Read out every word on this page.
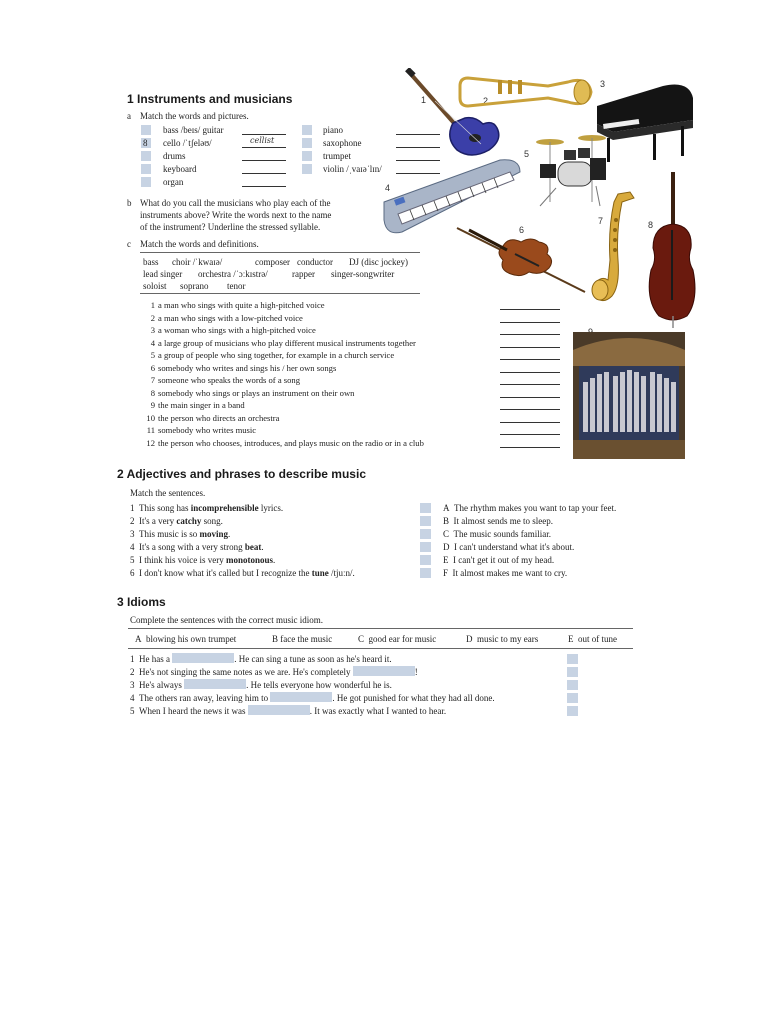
1 Instruments and musicians
a Match the words and pictures.
bass /beɪs/ guitar
8 cello /ˈtʃeləʊ/	cellist
drums
keyboard
organ
piano
saxophone
trumpet
violin /ˌvaɪəˈlɪn/
b What do you call the musicians who play each of the
instruments above? Write the words next to the name
of the instrument? Underline the stressed syllable.
c Match the words and definitions.
bass choir /ˈkwaɪə/	composer conductor DJ (disc jockey)
lead singer orchestra /ˈɔːkɪstrə/	rapper singer-songwriter
soloist soprano tenor
1 a man who sings with quite a high-pitched voice
2 a man who sings with a low-pitched voice
3 a woman who sings with a high-pitched voice
4 a large group of musicians who play different musical instruments together
5 a group of people who sing together, for example in a church service
6 somebody who writes and sings his / her own songs
7 someone who speaks the words of a song
8 somebody who sings or plays an instrument on their own
9 the main singer in a band
10 the person who directs an orchestra
11 somebody who writes music
12 the person who chooses, introduces, and plays music on the radio or in a club
1	2
3
4
5
6
7	8
2 Adjectives and phrases to describe music
Match the sentences.
1 This song has incomprehensible lyrics.
2 It's a very catchy song.
3 This music is so moving.
4 It's a song with a very strong beat.
5 I think his voice is very monotonous.
6 I don't know what it's called but I recognize the tune /tjuːn/.
A The rhythm makes you want to tap your feet.
B It almost sends me to sleep.
C The music sounds familiar.
D I can't understand what it's about.
E I can't get it out of my head.
F It almost makes me want to cry.
3 Idioms
Complete the sentences with the correct music idiom.
A blowing his own trumpet	B face the music	C good ear for music	D music to my ears	E out of tune
1 He has a	. He can sing a tune as soon as he's heard it.
2 He's not singing the same notes as we are. He's completely	!
3 He's always	. He tells everyone how wonderful he is.
4 The others ran away, leaving him to	. He got punished for what they had all done.
5 When I heard the news it was	. It was exactly what I wanted to hear.
